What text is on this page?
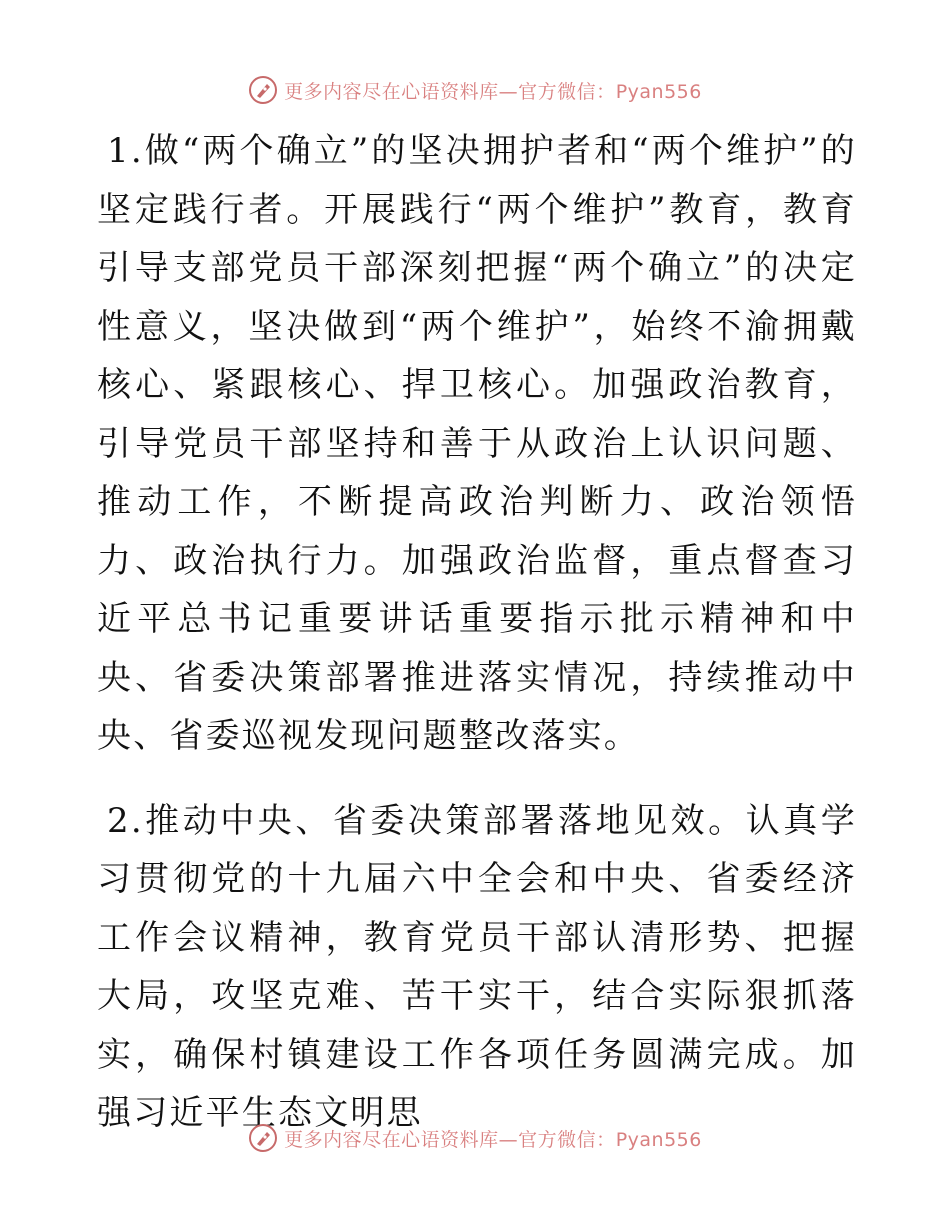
更多内容尽在心语资料库—官方微信：Pyan556

1.做“两个确立”的坚决拥护者和“两个维护”的坚定践行者。开展践行“两个维护”教育，教育引导支部党员干部深刻把握“两个确立”的决定性意义，坚决做到“两个维护”，始终不渝拥戴核心、紧跟核心、捍卫核心。加强政治教育，引导党员干部坚持和善于从政治上认识问题、推动工作，不断提高政治判断力、政治领悟力、政治执行力。加强政治监督，重点督查习近平总书记重要讲话重要指示批示精神和中央、省委决策部署推进落实情况，持续推动中央、省委巡视发现问题整改落实。

2.推动中央、省委决策部署落地见效。认真学习贯彻党的十九届六中全会和中央、省委经济工作会议精神，教育党员干部认清形势、把握大局，攻坚克难、苦干实干，结合实际狠抓落实，确保村镇建设工作各项任务圆满完成。加强习近平生态文明思

更多内容尽在心语资料库—官方微信：Pyan556
